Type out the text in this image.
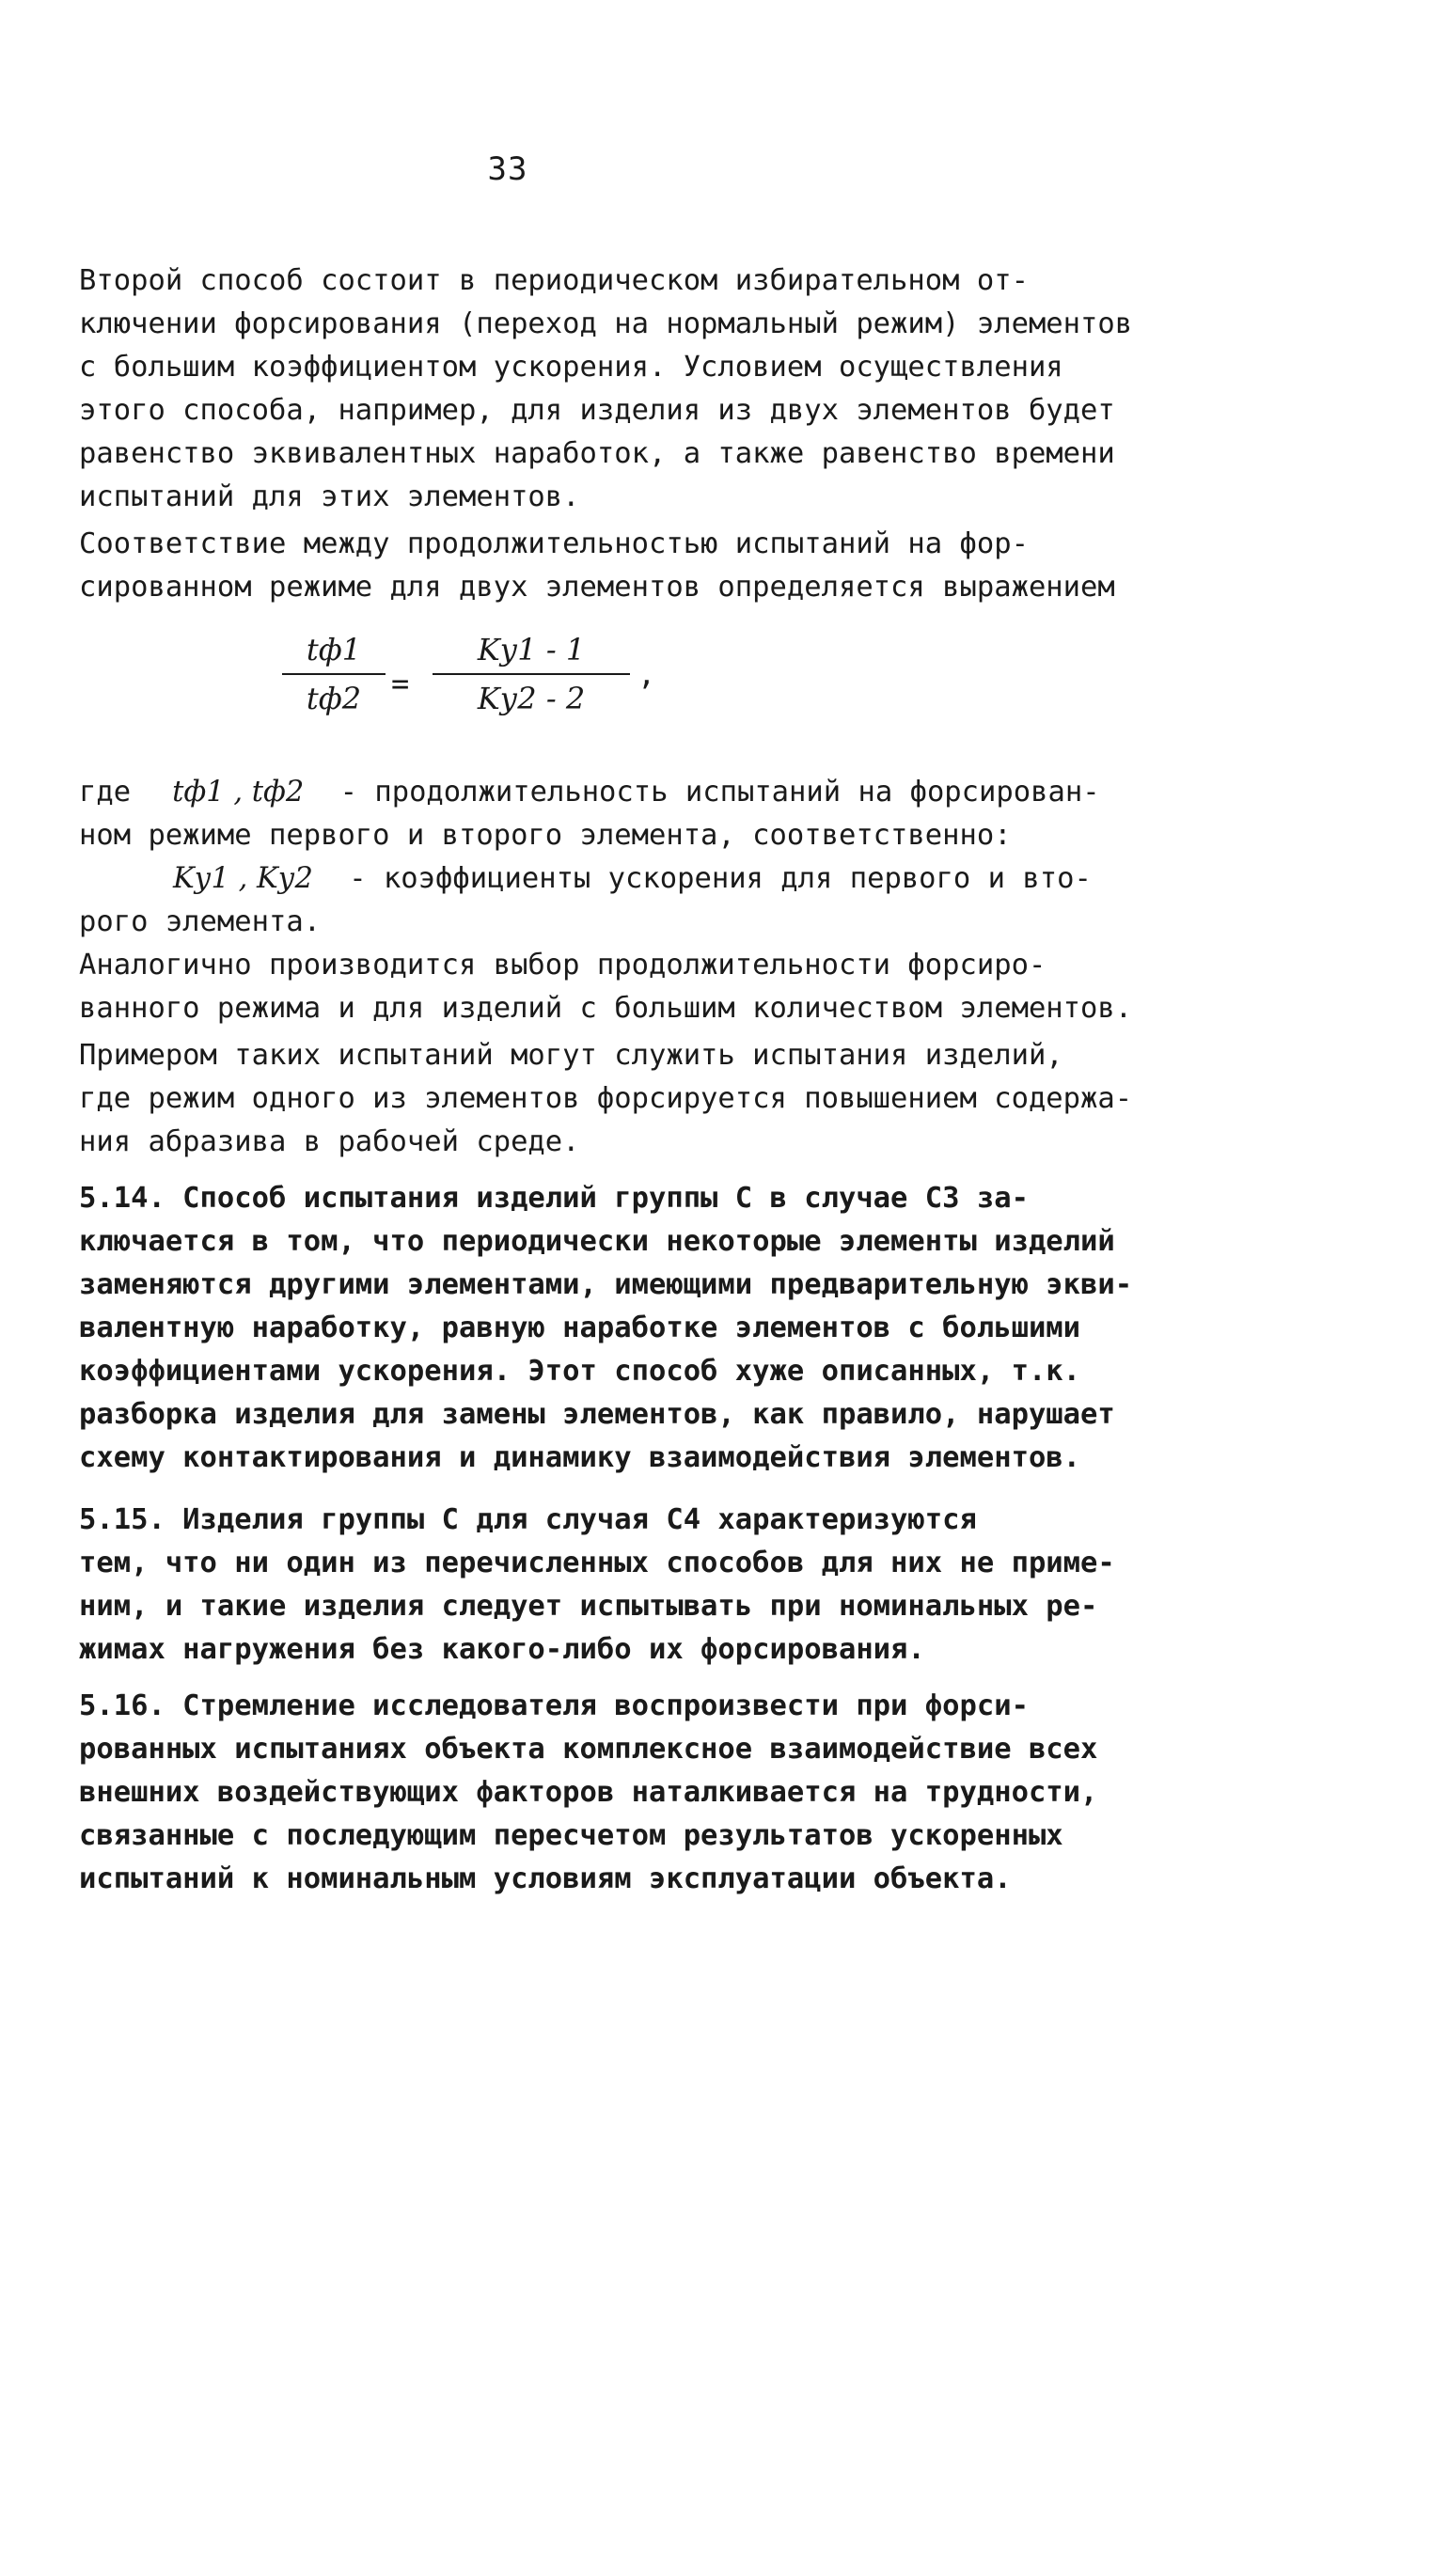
33
Второй способ состоит в периодическом избирательном от-
ключении форсирования (переход на нормальный режим) элементов
с большим коэффициентом ускорения. Условием осуществления
этого способа, например, для изделия из двух элементов будет
равенство эквивалентных наработок, а также равенство времени
испытаний для этих элементов.
Соответствие между продолжительностью испытаний на фор-
сированном режиме для двух элементов определяется выражением
tф1
tф2 =
Kу1 - 1
Kу2 - 2
,
где tф1 , tф2 - продолжительность испытаний на форсирован-
ном режиме первого и второго элемента, соответственно:
Kу1 , Kу2 - коэффициенты ускорения для первого и вто-
рого элемента.
Аналогично производится выбор продолжительности форсиро-
ванного режима и для изделий с большим количеством элементов.
Примером таких испытаний могут служить испытания изделий,
где режим одного из элементов форсируется повышением содержа-
ния абразива в рабочей среде.
5.14. Способ испытания изделий группы С в случае С3 за-
ключается в том, что периодически некоторые элементы изделий
заменяются другими элементами, имеющими предварительную экви-
валентную наработку, равную наработке элементов с большими
коэффициентами ускорения. Этот способ хуже описанных, т.к.
разборка изделия для замены элементов, как правило, нарушает
схему контактирования и динамику взаимодействия элементов.
5.15. Изделия группы С для случая С4 характеризуются
тем, что ни один из перечисленных способов для них не приме-
ним, и такие изделия следует испытывать при номинальных ре-
жимах нагружения без какого-либо их форсирования.
5.16. Стремление исследователя воспроизвести при форси-
рованных испытаниях объекта комплексное взаимодействие всех
внешних воздействующих факторов наталкивается на трудности,
связанные с последующим пересчетом результатов ускоренных
испытаний к номинальным условиям эксплуатации объекта.
